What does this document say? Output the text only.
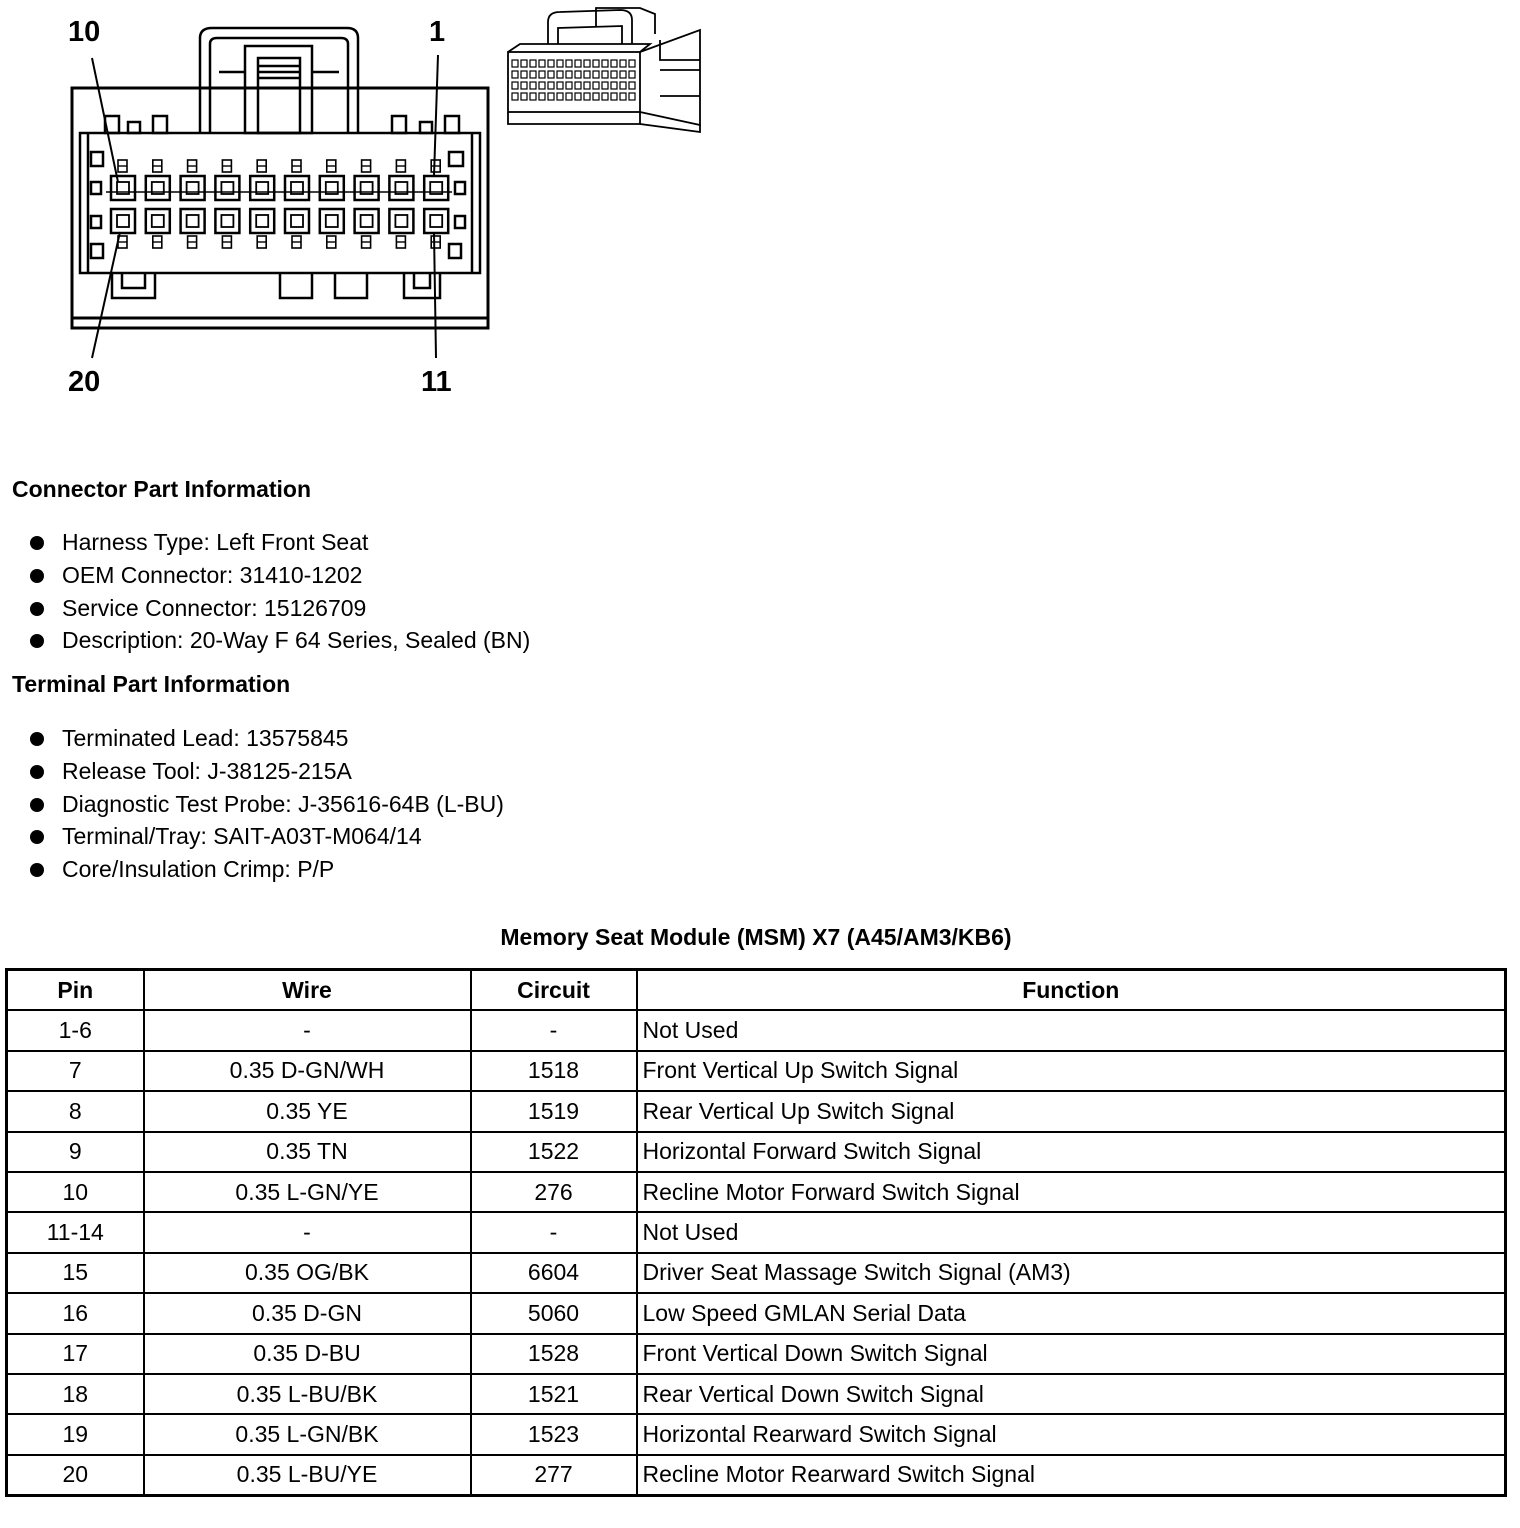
10	1
20	11
Connector Part Information
Harness Type: Left Front Seat
OEM Connector: 31410-1202
Service Connector: 15126709
Description: 20-Way F 64 Series, Sealed (BN)
Terminal Part Information
Terminated Lead: 13575845
Release Tool: J-38125-215A
Diagnostic Test Probe: J-35616-64B (L-BU)
Terminal/Tray: SAIT-A03T-M064/14
Core/Insulation Crimp: P/P
Memory Seat Module (MSM) X7 (A45/AM3/KB6)
Pin	Wire	Circuit	Function
1-6	-	-	Not Used
7	0.35 D-GN/WH	1518	Front Vertical Up Switch Signal
8	0.35 YE	1519	Rear Vertical Up Switch Signal
9	0.35 TN	1522	Horizontal Forward Switch Signal
10	0.35 L-GN/YE	276	Recline Motor Forward Switch Signal
11-14	-	-	Not Used
15	0.35 OG/BK	6604	Driver Seat Massage Switch Signal (AM3)
16	0.35 D-GN	5060	Low Speed GMLAN Serial Data
17	0.35 D-BU	1528	Front Vertical Down Switch Signal
18	0.35 L-BU/BK	1521	Rear Vertical Down Switch Signal
19	0.35 L-GN/BK	1523	Horizontal Rearward Switch Signal
20	0.35 L-BU/YE	277	Recline Motor Rearward Switch Signal
